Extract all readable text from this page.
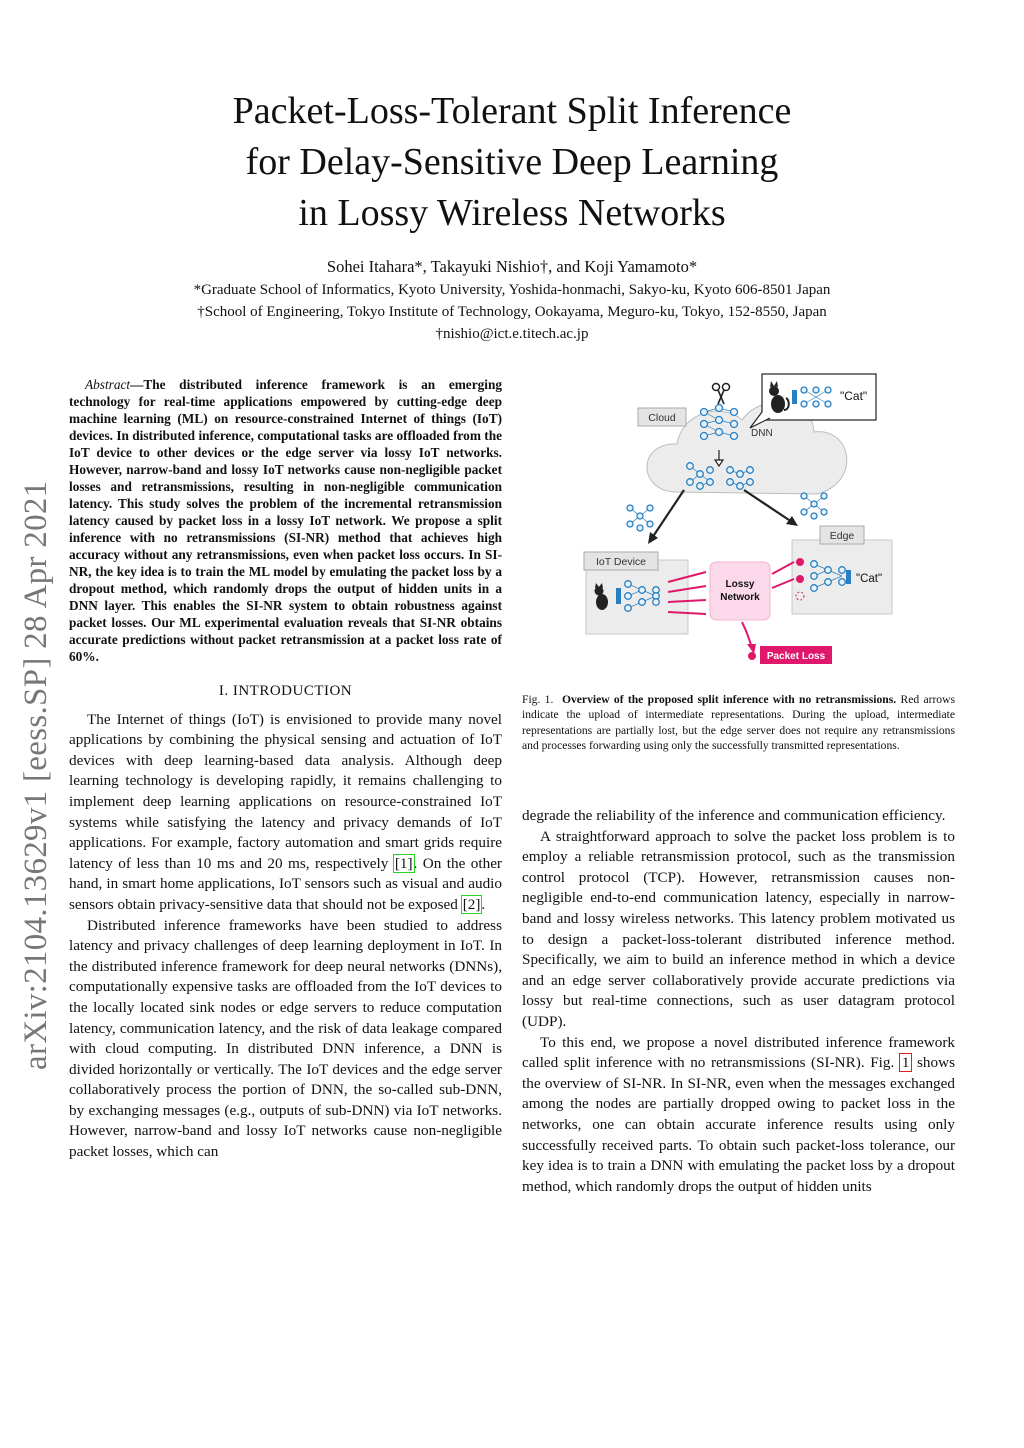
Packet-Loss-Tolerant Split Inference
for Delay-Sensitive Deep Learning
in Lossy Wireless Networks
Sohei Itahara*, Takayuki Nishio†, and Koji Yamamoto*
*Graduate School of Informatics, Kyoto University, Yoshida-honmachi, Sakyo-ku, Kyoto 606-8501 Japan
†School of Engineering, Tokyo Institute of Technology, Ookayama, Meguro-ku, Tokyo, 152-8550, Japan
†nishio@ict.e.titech.ac.jp
arXiv:2104.13629v1 [eess.SP] 28 Apr 2021
Abstract—The distributed inference framework is an emerging technology for real-time applications empowered by cutting-edge deep machine learning (ML) on resource-constrained Internet of things (IoT) devices. In distributed inference, computational tasks are offloaded from the IoT device to other devices or the edge server via lossy IoT networks. However, narrow-band and lossy IoT networks cause non-negligible packet losses and retransmissions, resulting in non-negligible communication latency. This study solves the problem of the incremental retransmission latency caused by packet loss in a lossy IoT network. We propose a split inference with no retransmissions (SI-NR) method that achieves high accuracy without any retransmissions, even when packet loss occurs. In SI-NR, the key idea is to train the ML model by emulating the packet loss by a dropout method, which randomly drops the output of hidden units in a DNN layer. This enables the SI-NR system to obtain robustness against packet losses. Our ML experimental evaluation reveals that SI-NR obtains accurate predictions without packet retransmission at a packet loss rate of 60%.
I. INTRODUCTION

The Internet of things (IoT) is envisioned to provide many novel applications by combining the physical sensing and actuation of IoT devices with deep learning-based data analysis. Although deep learning technology is developing rapidly, it remains challenging to implement deep learning applications on resource-constrained IoT systems while satisfying the latency and privacy demands of IoT applications. For example, factory automation and smart grids require latency of less than 10 ms and 20 ms, respectively [1]. On the other hand, in smart home applications, IoT sensors such as visual and audio sensors obtain privacy-sensitive data that should not be exposed [2].

Distributed inference frameworks have been studied to address latency and privacy challenges of deep learning deployment in IoT. In the distributed inference framework for deep neural networks (DNNs), computationally expensive tasks are offloaded from the IoT devices to the locally located sink nodes or edge servers to reduce computation latency, communication latency, and the risk of data leakage compared with cloud computing. In distributed DNN inference, a DNN is divided horizontally or vertically. The IoT devices and the edge server collaboratively process the portion of DNN, the so-called sub-DNN, by exchanging messages (e.g., outputs of sub-DNN) via IoT networks. However, narrow-band and lossy IoT networks cause non-negligible packet losses, which can

Cloud
DNN
"Cat"
Edge
"Cat"
IoT Device
Lossy
Network
Packet Loss
Fig. 1. Overview of the proposed split inference with no retransmissions. Red arrows indicate the upload of intermediate representations. During the upload, intermediate representations are partially lost, but the edge server does not require any retransmissions and processes forwarding using only the successfully transmitted representations.

degrade the reliability of the inference and communication efficiency.

A straightforward approach to solve the packet loss problem is to employ a reliable retransmission protocol, such as the transmission control protocol (TCP). However, retransmission causes non-negligible end-to-end communication latency, especially in narrow-band and lossy wireless networks. This latency problem motivated us to design a packet-loss-tolerant distributed inference method. Specifically, we aim to build an inference method in which a device and an edge server collaboratively provide accurate predictions via lossy but real-time connections, such as user datagram protocol (UDP).

To this end, we propose a novel distributed inference framework called split inference with no retransmissions (SI-NR). Fig. 1 shows the overview of SI-NR. In SI-NR, even when the messages exchanged among the nodes are partially dropped owing to packet loss in the networks, one can obtain accurate inference results using only successfully received parts. To obtain such packet-loss tolerance, our key idea is to train a DNN with emulating the packet loss by a dropout method, which randomly drops the output of hidden units
